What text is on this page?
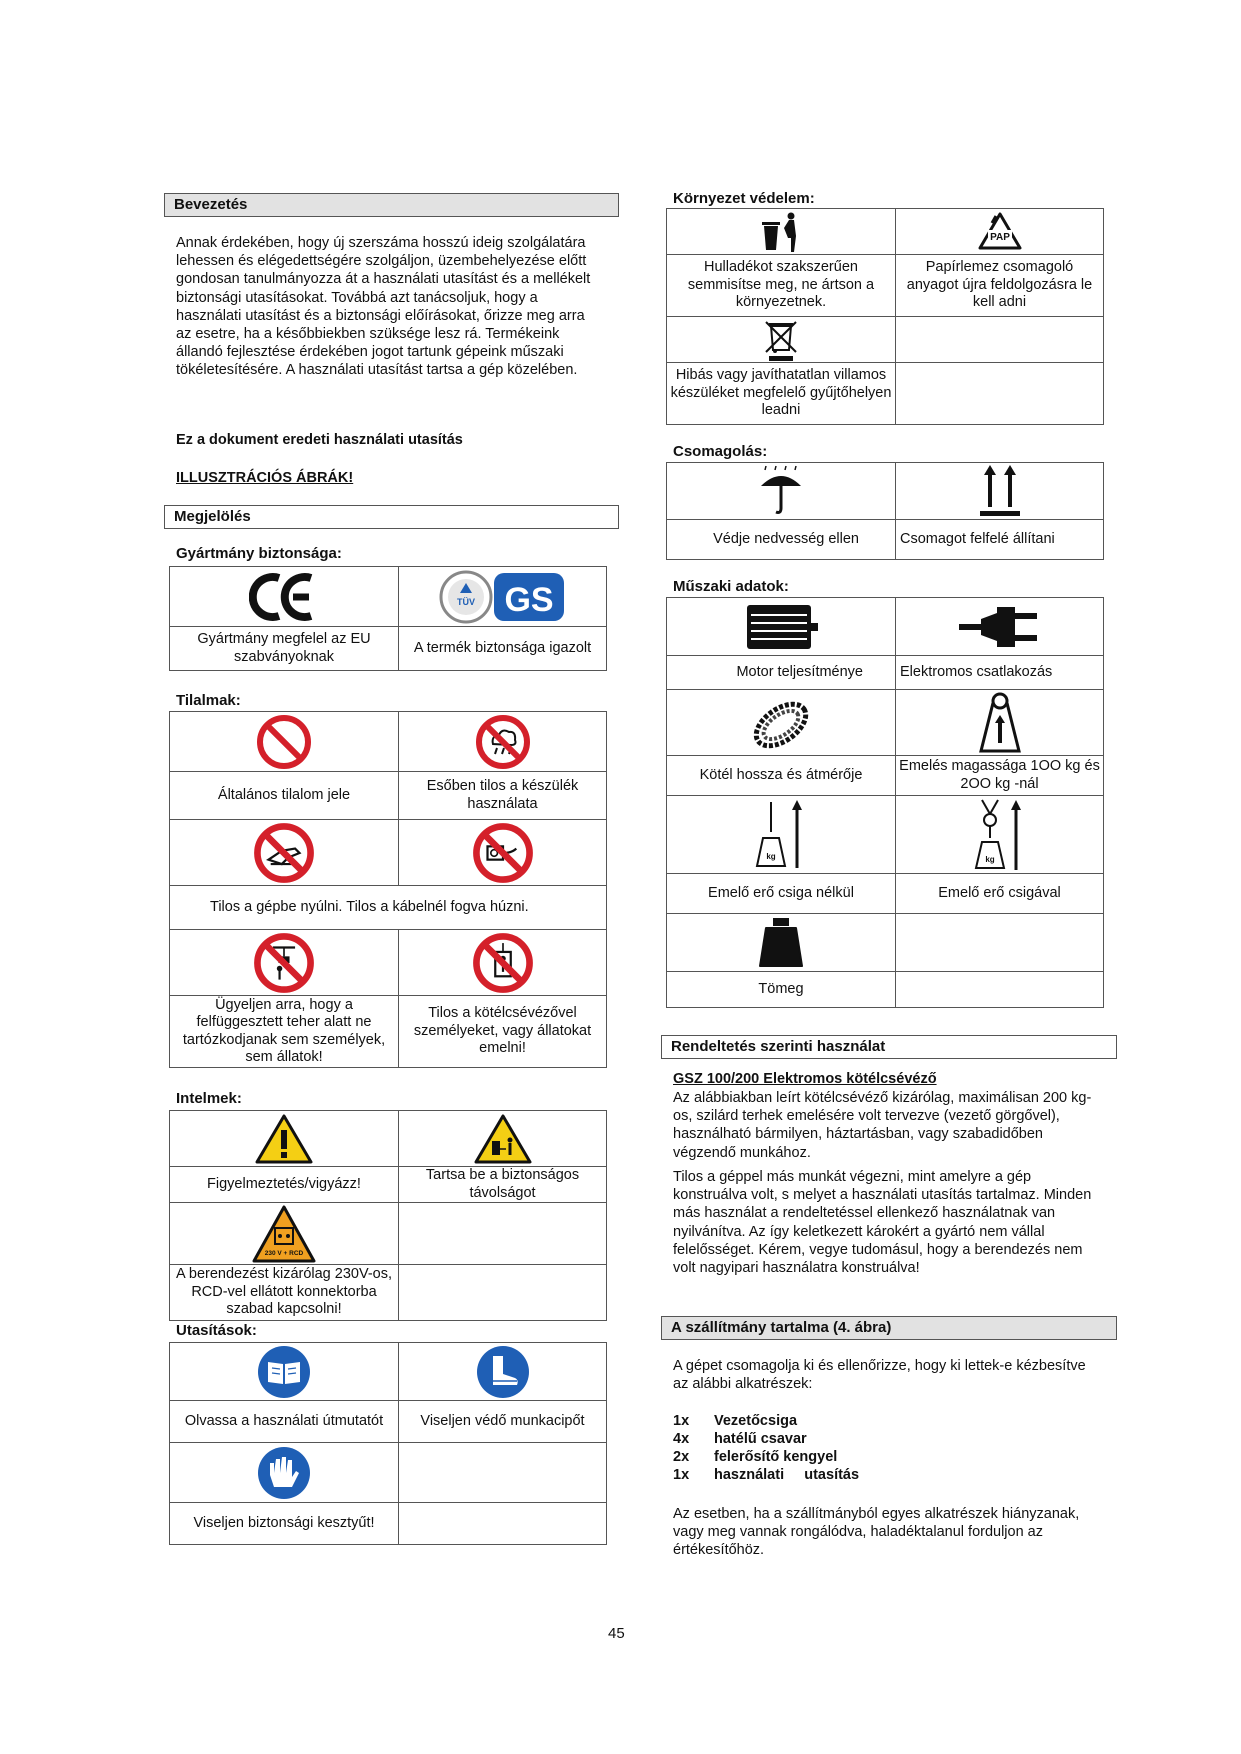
Bevezetés
Annak érdekében, hogy új szerszáma hosszú ideig szolgálatára lehessen és elégedettségére szolgáljon, üzembehelyezése előtt gondosan tanulmányozza át a használati utasítást és a mellékelt biztonsági utasításokat. Továbbá azt tanácsoljuk, hogy a használati utasítást és a biztonsági előírásokat, őrizze meg arra az esetre, ha a későbbiekben szüksége lesz rá. Termékeink állandó fejlesztése érdekében jogot tartunk gépeink műszaki tökéletesítésére. A használati utasítást tartsa a gép közelében.
Ez a dokument eredeti használati utasítás
ILLUSZTRÁCIÓS ÁBRÁK!
Megjelölés
Gyártmány biztonsága:

TÜV GS

Gyártmány megfelel az EU szabványoknak	A termék biztonsága igazolt
Tilalmak:

Általános tilalom jele	Esőben tilos a készülék használata

Tilos a gépbe nyúlni. Tilos a kábelnél fogva húzni.	

Ügyeljen arra, hogy a felfüggesztett teher alatt ne tartózkodjanak sem személyek, sem állatok!	Tilos a kötélcsévézővel személyeket, vagy állatokat emelni!
Intelmek:

Figyelmeztetés/vigyázz!	Tartsa be a biztonságos távolságot

230 V + RCD	

A berendezést kizárólag 230V-os, RCD-vel ellátott konnektorba szabad kapcsolni!	
Utasítások:

Olvassa a használati útmutatót	Viseljen védő munkacipőt

Viseljen biztonsági kesztyűt!	
Környezet védelem:

PAP

Hulladékot szakszerűen semmisítse meg, ne ártson a környezetnek.	Papírlemez csomagoló anyagot újra feldolgozásra le kell adni

Hibás vagy javíthatatlan villamos készüléket megfelelő gyűjtőhelyen leadni	
Csomagolás:

Védje nedvesség ellen	Csomagot felfelé állítani
Műszaki adatok:

Motor teljesítménye	Elektromos csatlakozás

Kötél hossza és átmérője	Emelés magassága 1OO kg és 2OO kg -nál

kg	kg

Emelő erő csiga nélkül	Emelő erő csigával

Tömeg	
Rendeltetés szerinti használat
GSZ 100/200 Elektromos kötélcsévéző
Az alábbiakban leírt kötélcsévéző kizárólag, maximálisan 200 kg-os, szilárd terhek emelésére volt tervezve (vezető görgővel), használható bármilyen, háztartásban, vagy szabadidőben végzendő munkához.
Tilos a géppel más munkát végezni, mint amelyre a gép konstruálva volt, s melyet a használati utasítás tartalmaz. Minden más használat a rendeltetéssel ellenkező használatnak van nyilvánítva. Az így keletkezett károkért a gyártó nem vállal felelősséget. Kérem, vegye tudomásul, hogy a berendezés nem volt nagyipari használatra konstruálva!
A szállítmány tartalma (4. ábra)
A gépet csomagolja ki és ellenőrizze, hogy ki lettek-e kézbesítve az alábbi alkatrészek:
1x	Vezetőcsiga
4x	hatélű csavar
2x	felerősítő kengyel
1x	használati     utasítás
Az esetben, ha a szállítmányból egyes alkatrészek hiányzanak, vagy meg vannak rongálódva, haladéktalanul forduljon az értékesítőhöz.
45
